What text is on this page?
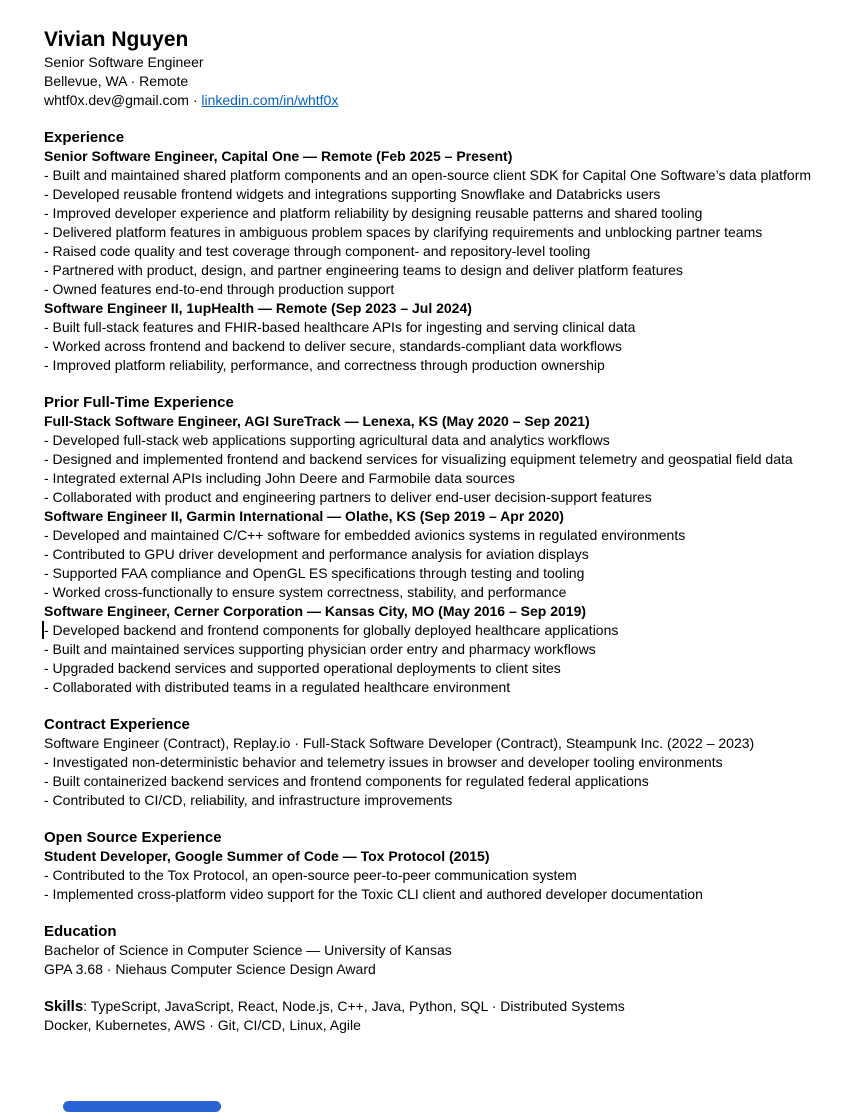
Vivian Nguyen
Senior Software Engineer
Bellevue, WA · Remote
whtf0x.dev@gmail.com · linkedin.com/in/whtf0x
Experience
Senior Software Engineer, Capital One — Remote (Feb 2025 – Present)
- Built and maintained shared platform components and an open-source client SDK for Capital One Software’s data platform
- Developed reusable frontend widgets and integrations supporting Snowflake and Databricks users
- Improved developer experience and platform reliability by designing reusable patterns and shared tooling
- Delivered platform features in ambiguous problem spaces by clarifying requirements and unblocking partner teams
- Raised code quality and test coverage through component- and repository-level tooling
- Partnered with product, design, and partner engineering teams to design and deliver platform features
- Owned features end-to-end through production support
Software Engineer II, 1upHealth — Remote (Sep 2023 – Jul 2024)
- Built full-stack features and FHIR-based healthcare APIs for ingesting and serving clinical data
- Worked across frontend and backend to deliver secure, standards-compliant data workflows
- Improved platform reliability, performance, and correctness through production ownership
Prior Full-Time Experience
Full-Stack Software Engineer, AGI SureTrack — Lenexa, KS (May 2020 – Sep 2021)
- Developed full-stack web applications supporting agricultural data and analytics workflows
- Designed and implemented frontend and backend services for visualizing equipment telemetry and geospatial field data
- Integrated external APIs including John Deere and Farmobile data sources
- Collaborated with product and engineering partners to deliver end-user decision-support features
Software Engineer II, Garmin International — Olathe, KS (Sep 2019 – Apr 2020)
- Developed and maintained C/C++ software for embedded avionics systems in regulated environments
- Contributed to GPU driver development and performance analysis for aviation displays
- Supported FAA compliance and OpenGL ES specifications through testing and tooling
- Worked cross-functionally to ensure system correctness, stability, and performance
Software Engineer, Cerner Corporation — Kansas City, MO (May 2016 – Sep 2019)
- Developed backend and frontend components for globally deployed healthcare applications
- Built and maintained services supporting physician order entry and pharmacy workflows
- Upgraded backend services and supported operational deployments to client sites
- Collaborated with distributed teams in a regulated healthcare environment
Contract Experience
Software Engineer (Contract), Replay.io · Full-Stack Software Developer (Contract), Steampunk Inc. (2022 – 2023)
- Investigated non-deterministic behavior and telemetry issues in browser and developer tooling environments
- Built containerized backend services and frontend components for regulated federal applications
- Contributed to CI/CD, reliability, and infrastructure improvements
Open Source Experience
Student Developer, Google Summer of Code — Tox Protocol (2015)
- Contributed to the Tox Protocol, an open-source peer-to-peer communication system
- Implemented cross-platform video support for the Toxic CLI client and authored developer documentation
Education
Bachelor of Science in Computer Science — University of Kansas
GPA 3.68 · Niehaus Computer Science Design Award
Skills: TypeScript, JavaScript, React, Node.js, C++, Java, Python, SQL · Distributed Systems
Docker, Kubernetes, AWS · Git, CI/CD, Linux, Agile
